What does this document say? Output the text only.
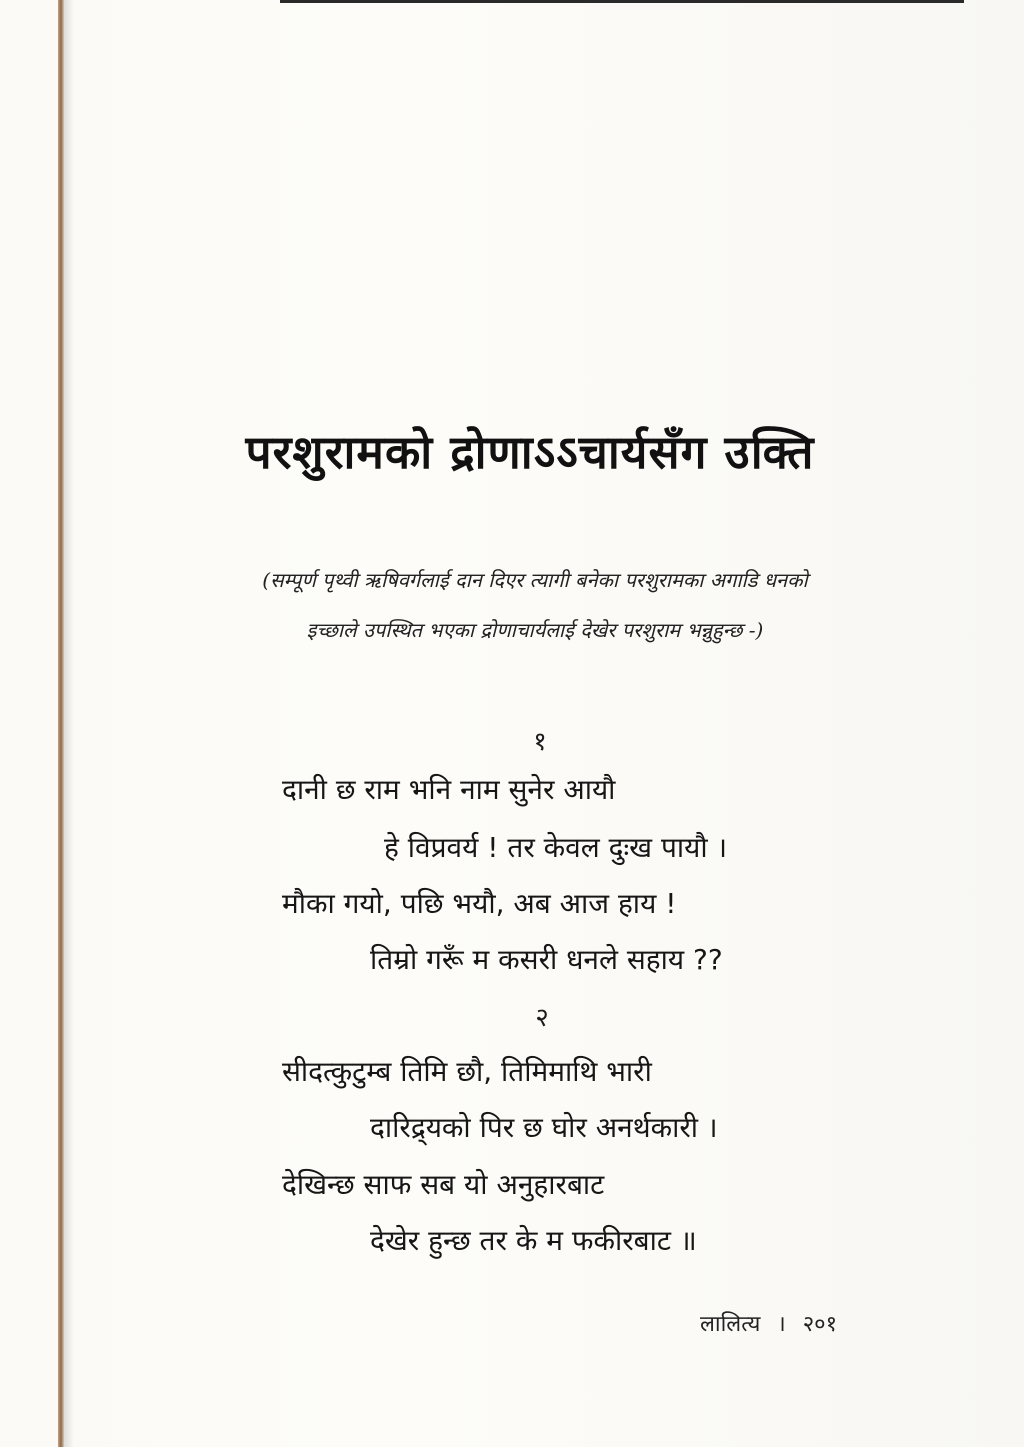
परशुरामको द्रोणाऽऽचार्यसँग उक्ति
(सम्पूर्ण पृथ्वी ऋषिवर्गलाई दान दिएर त्यागी बनेका परशुरामका अगाडि धनको
इच्छाले उपस्थित भएका द्रोणाचार्यलाई देखेर परशुराम भन्नुहुन्छ -)
१
दानी छ राम भनि नाम सुनेर आयौ
हे विप्रवर्य ! तर केवल दुःख पायौ ।
मौका गयो, पछि भयौ, अब आज हाय !
तिम्रो गरूँ म कसरी धनले सहाय ??
२
सीदत्कुटुम्ब तिमि छौ, तिमिमाथि भारी
दारिद्र्यको पिर छ घोर अनर्थकारी ।
देखिन्छ साफ सब यो अनुहारबाट
देखेर हुन्छ तर के म फकीरबाट ॥
लालित्य । २०१
